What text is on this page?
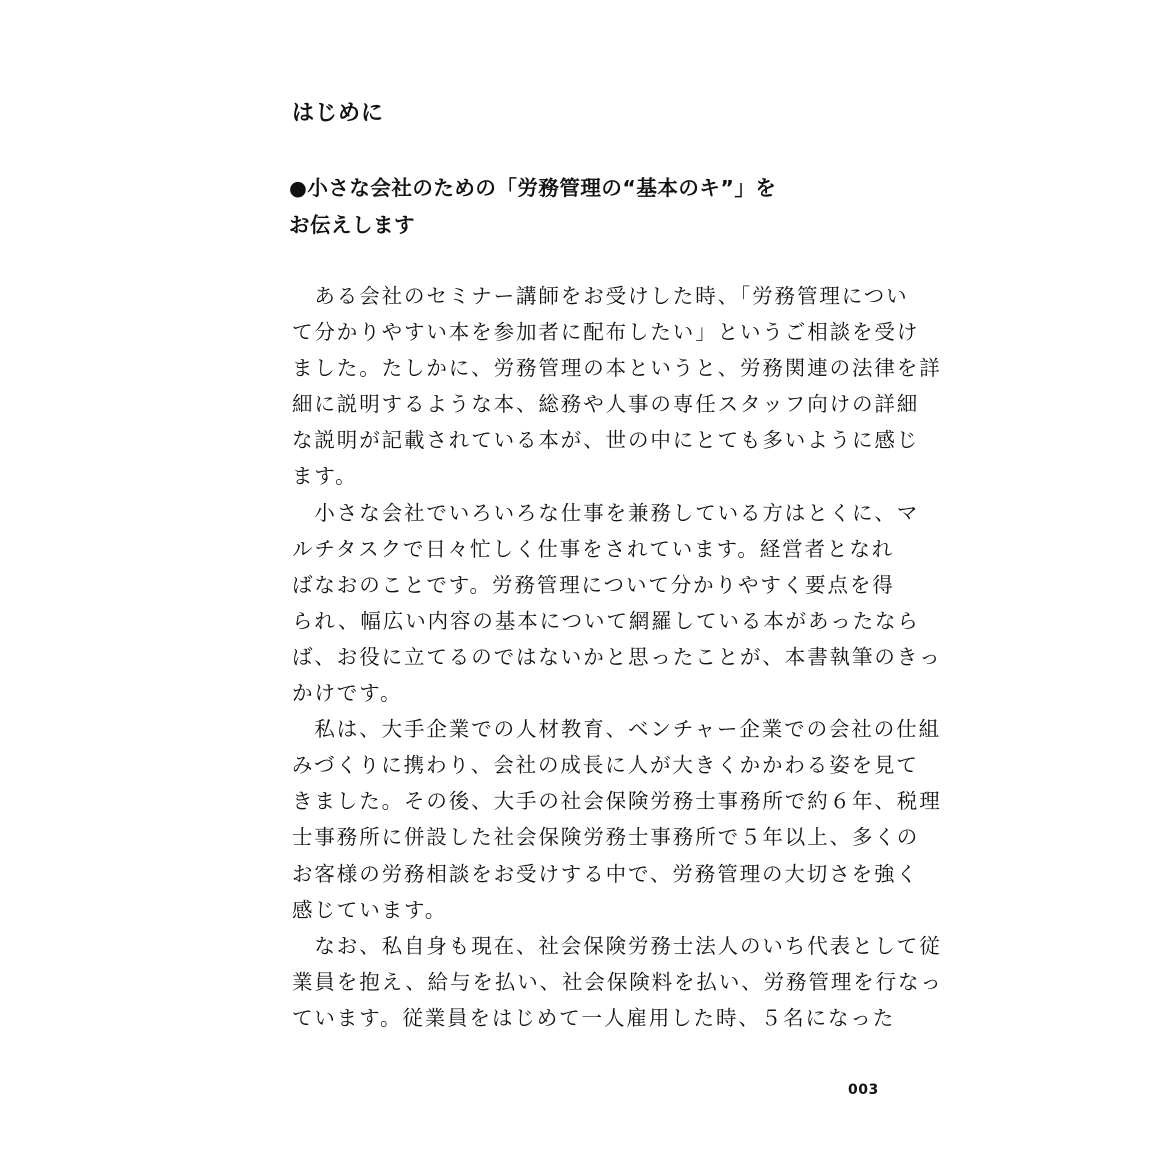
はじめに
●小さな会社のための「労務管理の“基本のキ”」を
お伝えします
　ある会社のセミナー講師をお受けした時、「労務管理につい
て分かりやすい本を参加者に配布したい」というご相談を受け
ました。たしかに、労務管理の本というと、労務関連の法律を詳
細に説明するような本、総務や人事の専任スタッフ向けの詳細
な説明が記載されている本が、世の中にとても多いように感じ
ます。
　小さな会社でいろいろな仕事を兼務している方はとくに、マ
ルチタスクで日々忙しく仕事をされています。経営者となれ
ばなおのことです。労務管理について分かりやすく要点を得
られ、幅広い内容の基本について網羅している本があったなら
ば、お役に立てるのではないかと思ったことが、本書執筆のきっ
かけです。
　私は、大手企業での人材教育、ベンチャー企業での会社の仕組
みづくりに携わり、会社の成長に人が大きくかかわる姿を見て
きました。その後、大手の社会保険労務士事務所で約６年、税理
士事務所に併設した社会保険労務士事務所で５年以上、多くの
お客様の労務相談をお受けする中で、労務管理の大切さを強く
感じています。
　なお、私自身も現在、社会保険労務士法人のいち代表として従
業員を抱え、給与を払い、社会保険料を払い、労務管理を行なっ
ています。従業員をはじめて一人雇用した時、５名になった
003
